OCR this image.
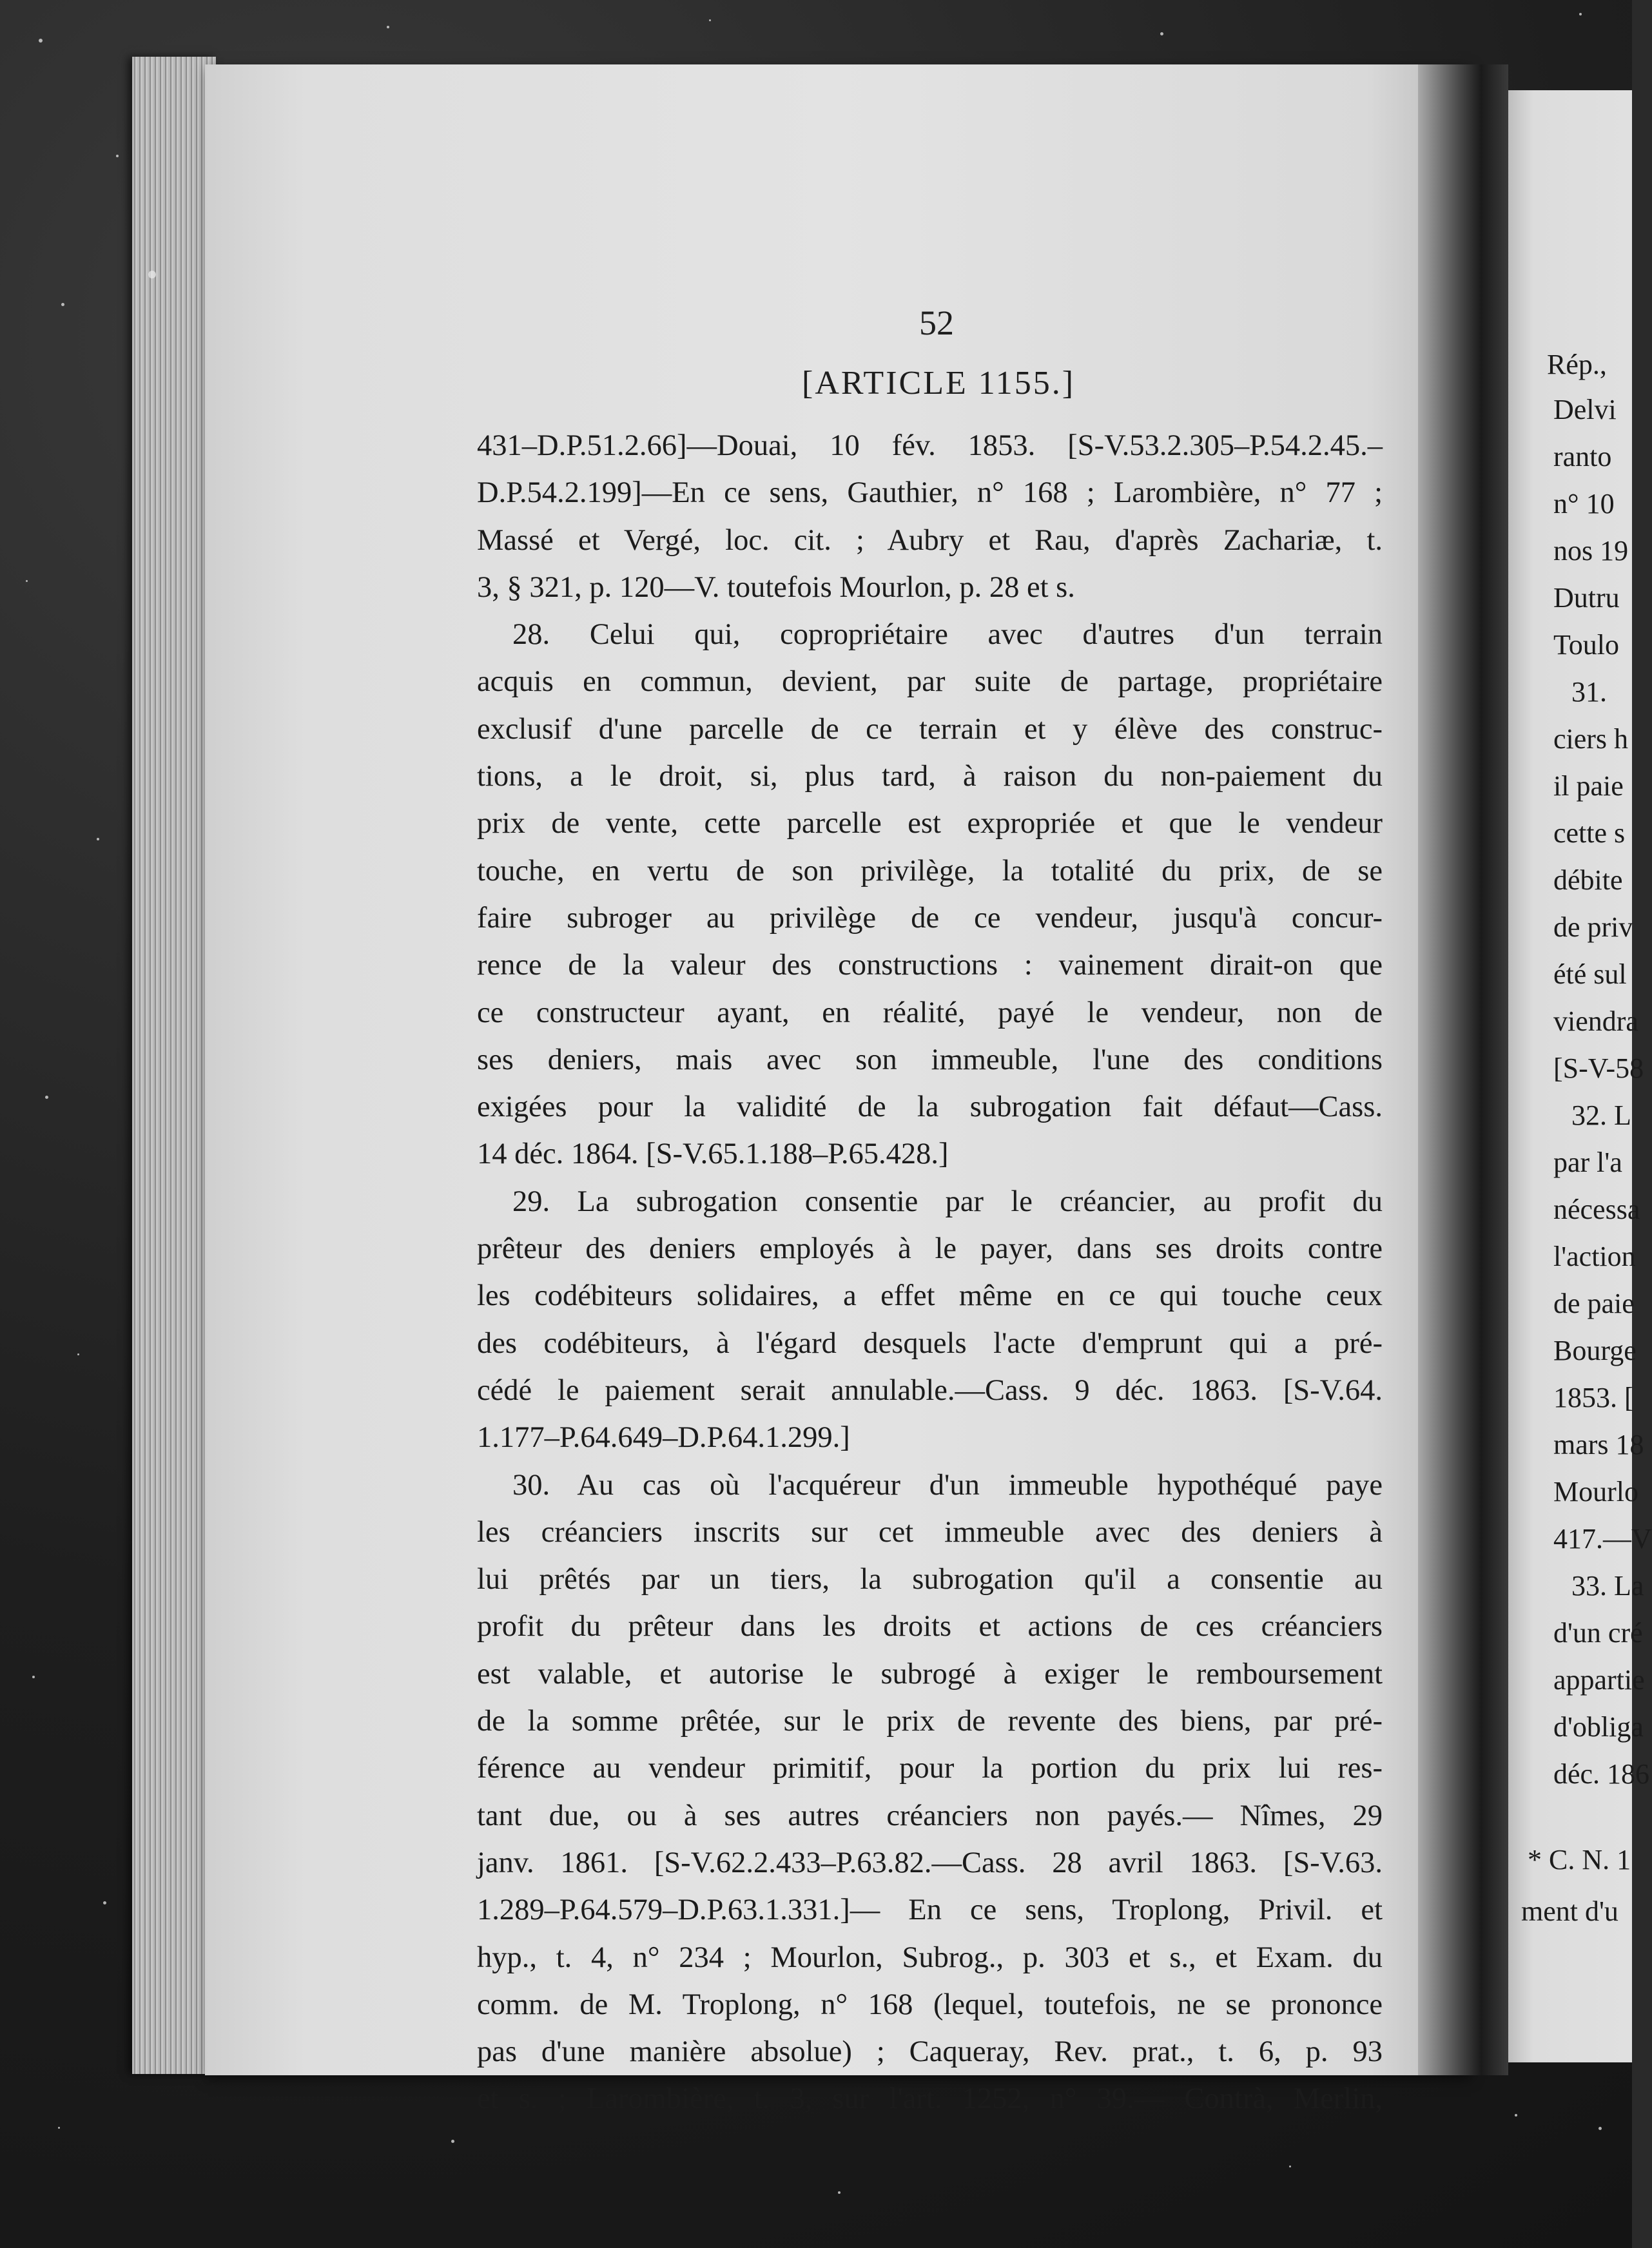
Rép.,
Delvi
ranto
n° 10
nos 19
Dutru
Toulo
31.
ciers h
il paie
cette s
débite
de priv
été sul
viendra
[S-V-58
32. L
par l'a
nécessa
l'action
de paie
Bourge
1853. [
mars 18
Mourlo
417.—V
33. La
d'un cré
appartie
d'obliga
déc. 186
* C. N. 1
ment d'u
52
[ARTICLE 1155.]
431–D.P.51.2.66]—Douai, 10 fév. 1853. [S-V.53.2.305–P.54.2.45.–
D.P.54.2.199]—En ce sens, Gauthier, n° 168 ; Larombière, n° 77 ;
Massé et Vergé, loc. cit. ; Aubry et Rau, d'après Zachariæ, t.
3, § 321, p. 120—V. toutefois Mourlon, p. 28 et s.
28. Celui qui, copropriétaire avec d'autres d'un terrain
acquis en commun, devient, par suite de partage, propriétaire
exclusif d'une parcelle de ce terrain et y élève des construc-
tions, a le droit, si, plus tard, à raison du non-paiement du
prix de vente, cette parcelle est expropriée et que le vendeur
touche, en vertu de son privilège, la totalité du prix, de se
faire subroger au privilège de ce vendeur, jusqu'à concur-
rence de la valeur des constructions : vainement dirait-on que
ce constructeur ayant, en réalité, payé le vendeur, non de
ses deniers, mais avec son immeuble, l'une des conditions
exigées pour la validité de la subrogation fait défaut—Cass.
14 déc. 1864. [S-V.65.1.188–P.65.428.]
29. La subrogation consentie par le créancier, au profit du
prêteur des deniers employés à le payer, dans ses droits contre
les codébiteurs solidaires, a effet même en ce qui touche ceux
des codébiteurs, à l'égard desquels l'acte d'emprunt qui a pré-
cédé le paiement serait annulable.—Cass. 9 déc. 1863. [S-V.64.
1.177–P.64.649–D.P.64.1.299.]
30. Au cas où l'acquéreur d'un immeuble hypothéqué paye
les créanciers inscrits sur cet immeuble avec des deniers à
lui prêtés par un tiers, la subrogation qu'il a consentie au
profit du prêteur dans les droits et actions de ces créanciers
est valable, et autorise le subrogé à exiger le remboursement
de la somme prêtée, sur le prix de revente des biens, par pré-
férence au vendeur primitif, pour la portion du prix lui res-
tant due, ou à ses autres créanciers non payés.— Nîmes, 29
janv. 1861. [S-V.62.2.433–P.63.82.—Cass. 28 avril 1863. [S-V.63.
1.289–P.64.579–D.P.63.1.331.]— En ce sens, Troplong, Privil. et
hyp., t. 4, n° 234 ; Mourlon, Subrog., p. 303 et s., et Exam. du
comm. de M. Troplong, n° 168 (lequel, toutefois, ne se prononce
pas d'une manière absolue) ; Caqueray, Rev. prat., t. 6, p. 93
et s. ; Larombière, t. 3, sur l'art. 1252, n° 39.— Contrà, Merlin,
